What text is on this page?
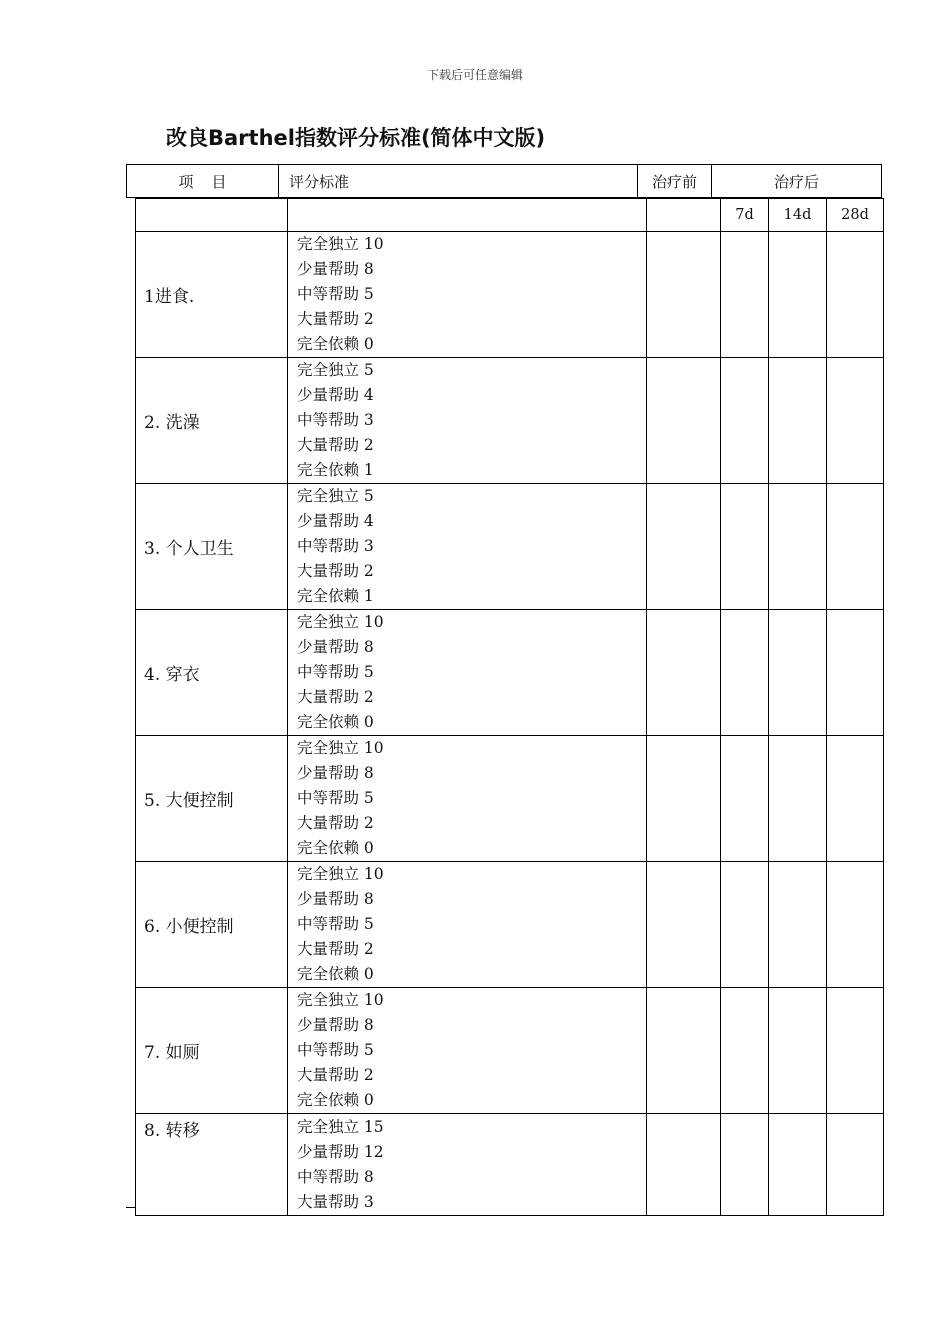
下载后可任意编辑
改良Barthel指数评分标准(简体中文版)
项目	评分标准	治疗前	治疗后
			7d	14d	28d
1进食.	完全独立 10
少量帮助 8
中等帮助 5
大量帮助 2
完全依赖 0				

2. 洗澡	完全独立 5
少量帮助 4
中等帮助 3
大量帮助 2
完全依赖 1				

3. 个人卫生	完全独立 5
少量帮助 4
中等帮助 3
大量帮助 2
完全依赖 1				

4. 穿衣	完全独立 10
少量帮助 8
中等帮助 5
大量帮助 2
完全依赖 0				

5. 大便控制	完全独立 10
少量帮助 8
中等帮助 5
大量帮助 2
完全依赖 0				

6. 小便控制	完全独立 10
少量帮助 8
中等帮助 5
大量帮助 2
完全依赖 0				

7. 如厕	完全独立 10
少量帮助 8
中等帮助 5
大量帮助 2
完全依赖 0				

8. 转移	完全独立 15
少量帮助 12
中等帮助 8
大量帮助 3				
